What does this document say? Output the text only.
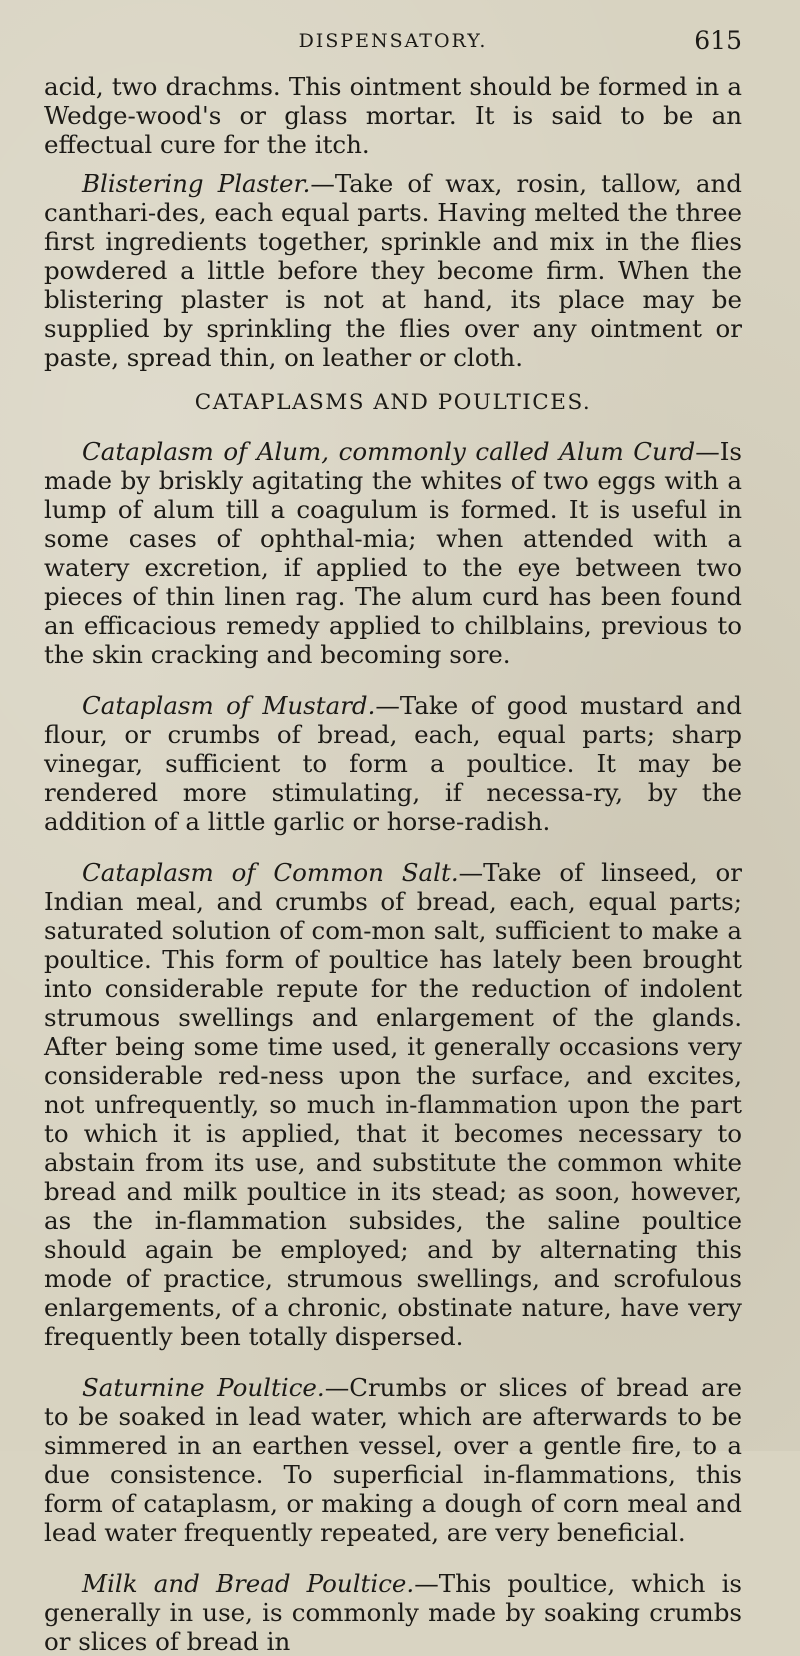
DISPENSATORY.	615

acid, two drachms. This ointment should be formed in a Wedge-wood's or glass mortar. It is said to be an effectual cure for the itch.

Blistering Plaster.—Take of wax, rosin, tallow, and canthari-des, each equal parts. Having melted the three first ingredients together, sprinkle and mix in the flies powdered a little before they become firm. When the blistering plaster is not at hand, its place may be supplied by sprinkling the flies over any ointment or paste, spread thin, on leather or cloth.

CATAPLASMS AND POULTICES.

Cataplasm of Alum, commonly called Alum Curd—Is made by briskly agitating the whites of two eggs with a lump of alum till a coagulum is formed. It is useful in some cases of ophthal-mia; when attended with a watery excretion, if applied to the eye between two pieces of thin linen rag. The alum curd has been found an efficacious remedy applied to chilblains, previous to the skin cracking and becoming sore.

Cataplasm of Mustard.—Take of good mustard and flour, or crumbs of bread, each, equal parts; sharp vinegar, sufficient to form a poultice. It may be rendered more stimulating, if necessa-ry, by the addition of a little garlic or horse-radish.

Cataplasm of Common Salt.—Take of linseed, or Indian meal, and crumbs of bread, each, equal parts; saturated solution of com-mon salt, sufficient to make a poultice. This form of poultice has lately been brought into considerable repute for the reduction of indolent strumous swellings and enlargement of the glands. After being some time used, it generally occasions very considerable red-ness upon the surface, and excites, not unfrequently, so much in-flammation upon the part to which it is applied, that it becomes necessary to abstain from its use, and substitute the common white bread and milk poultice in its stead; as soon, however, as the in-flammation subsides, the saline poultice should again be employed; and by alternating this mode of practice, strumous swellings, and scrofulous enlargements, of a chronic, obstinate nature, have very frequently been totally dispersed.

Saturnine Poultice.—Crumbs or slices of bread are to be soaked in lead water, which are afterwards to be simmered in an earthen vessel, over a gentle fire, to a due consistence. To superficial in-flammations, this form of cataplasm, or making a dough of corn meal and lead water frequently repeated, are very beneficial.

Milk and Bread Poultice.—This poultice, which is generally in use, is commonly made by soaking crumbs or slices of bread in
